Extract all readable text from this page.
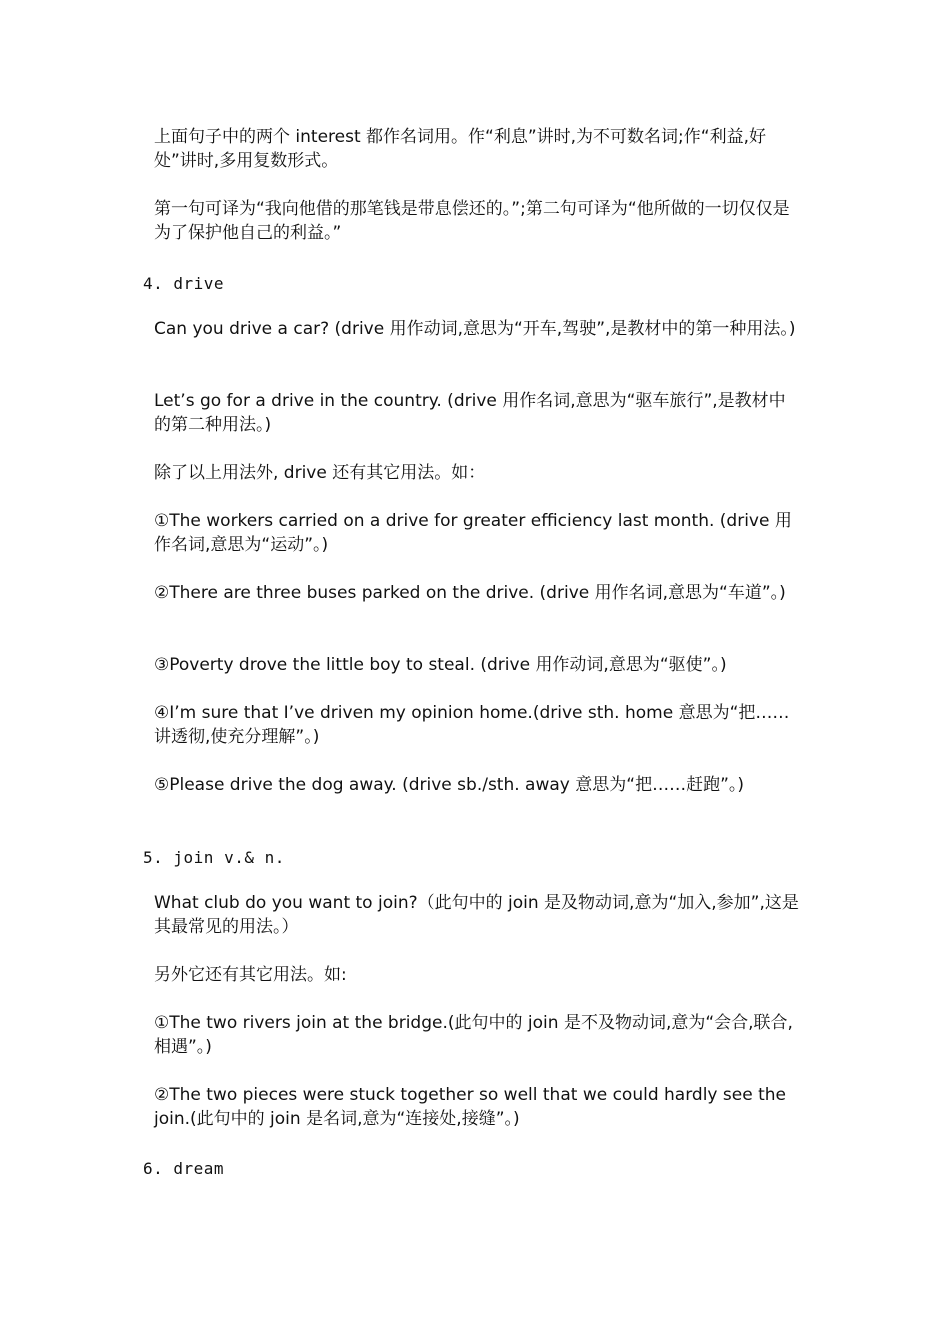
上面句子中的两个 interest 都作名词用。作“利息”讲时,为不可数名词;作“利益,好处”讲时,多用复数形式。

第一句可译为“我向他借的那笔钱是带息偿还的。”;第二句可译为“他所做的一切仅仅是为了保护他自己的利益。”

4. drive

Can you drive a car? (drive 用作动词,意思为“开车,驾驶”,是教材中的第一种用法。)

Let’s go for a drive in the country. (drive 用作名词,意思为“驱车旅行”,是教材中的第二种用法。)

除了以上用法外, drive 还有其它用法。如：

①The workers carried on a drive for greater efficiency last month. (drive 用作名词,意思为“运动”。)

②There are three buses parked on the drive. (drive 用作名词,意思为“车道”。)

③Poverty drove the little boy to steal. (drive 用作动词,意思为“驱使”。)

④I’m sure that I’ve driven my opinion home.(drive sth. home 意思为“把……讲透彻,使充分理解”。)

⑤Please drive the dog away. (drive sb./sth. away 意思为“把……赶跑”。)

5. join v.& n.

What club do you want to join?（此句中的 join 是及物动词,意为“加入,参加”,这是其最常见的用法。）

另外它还有其它用法。如:

①The two rivers join at the bridge.(此句中的 join 是不及物动词,意为“会合,联合,相遇”。)

②The two pieces were stuck together so well that we could hardly see the join.(此句中的 join 是名词,意为“连接处,接缝”。)

6. dream
